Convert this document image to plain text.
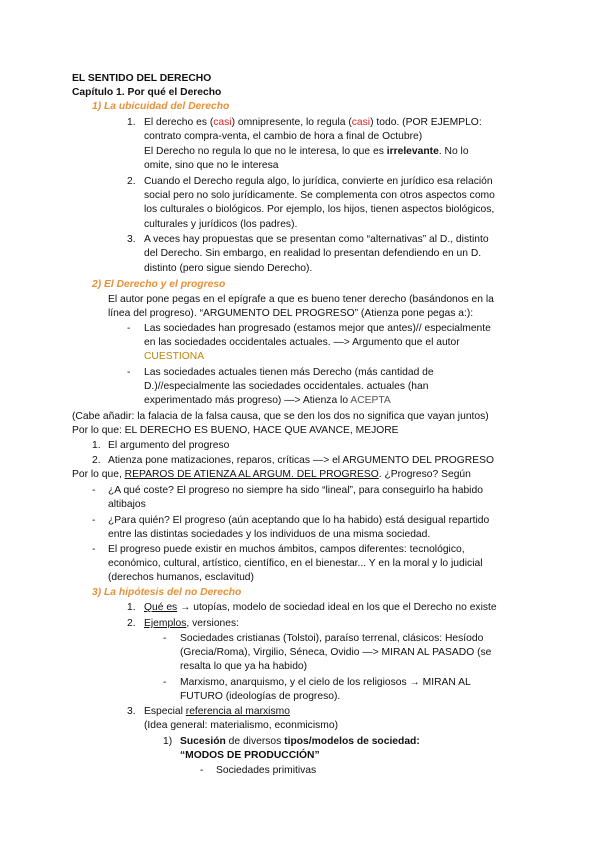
EL SENTIDO DEL DERECHO
Capítulo 1. Por qué el Derecho
1) La ubicuidad del Derecho
1. El derecho es (casi) omnipresente, lo regula (casi) todo. (POR EJEMPLO:
contrato compra-venta, el cambio de hora a final de Octubre)
El Derecho no regula lo que no le interesa, lo que es irrelevante. No lo
omite, sino que no le interesa
2. Cuando el Derecho regula algo, lo jurídica, convierte en jurídico esa relación
social pero no solo jurídicamente. Se complementa con otros aspectos como
los culturales o biológicos. Por ejemplo, los hijos, tienen aspectos biológicos,
culturales y jurídicos (los padres).
3. A veces hay propuestas que se presentan como “alternativas” al D., distinto
del Derecho. Sin embargo, en realidad lo presentan defendiendo en un D.
distinto (pero sigue siendo Derecho).
2) El Derecho y el progreso
El autor pone pegas en el epígrafe a que es bueno tener derecho (basándonos en la
línea del progreso). “ARGUMENTO DEL PROGRESO” (Atienza pone pegas a:):
- Las sociedades han progresado (estamos mejor que antes)// especialmente
en las sociedades occidentales actuales. —> Argumento que el autor
CUESTIONA
- Las sociedades actuales tienen más Derecho (más cantidad de
D.)//especialmente las sociedades occidentales. actuales (han
experimentado más progreso) —> Atienza lo ACEPTA
(Cabe añadir: la falacia de la falsa causa, que se den los dos no significa que vayan juntos)
Por lo que: EL DERECHO ES BUENO, HACE QUE AVANCE, MEJORE
1. El argumento del progreso
2. Atienza pone matizaciones, reparos, críticas —> el ARGUMENTO DEL PROGRESO
Por lo que, REPAROS DE ATIENZA AL ARGUM. DEL PROGRESO. ¿Progreso? Según
- ¿A qué coste? El progreso no siempre ha sido “lineal”, para conseguirlo ha habido
altibajos
- ¿Para quién? El progreso (aún aceptando que lo ha habido) está desigual repartido
entre las distintas sociedades y los individuos de una misma sociedad.
- El progreso puede existir en muchos ámbitos, campos diferentes: tecnológico,
económico, cultural, artístico, científico, en el bienestar... Y en la moral y lo judicial
(derechos humanos, esclavitud)
3) La hipótesis del no Derecho
1. Qué es → utopías, modelo de sociedad ideal en los que el Derecho no existe
2. Ejemplos, versiones:
- Sociedades cristianas (Tolstoi), paraíso terrenal, clásicos: Hesíodo
(Grecia/Roma), Virgilio, Séneca, Ovidio —> MIRAN AL PASADO (se
resalta lo que ya ha habido)
- Marxismo, anarquismo, y el cielo de los religiosos → MIRAN AL
FUTURO (ideologías de progreso).
3. Especial referencia al marxismo
(Idea general: materialismo, econmicismo)
1) Sucesión de diversos tipos/modelos de sociedad:
“MODOS DE PRODUCCIÓN”
- Sociedades primitivas
